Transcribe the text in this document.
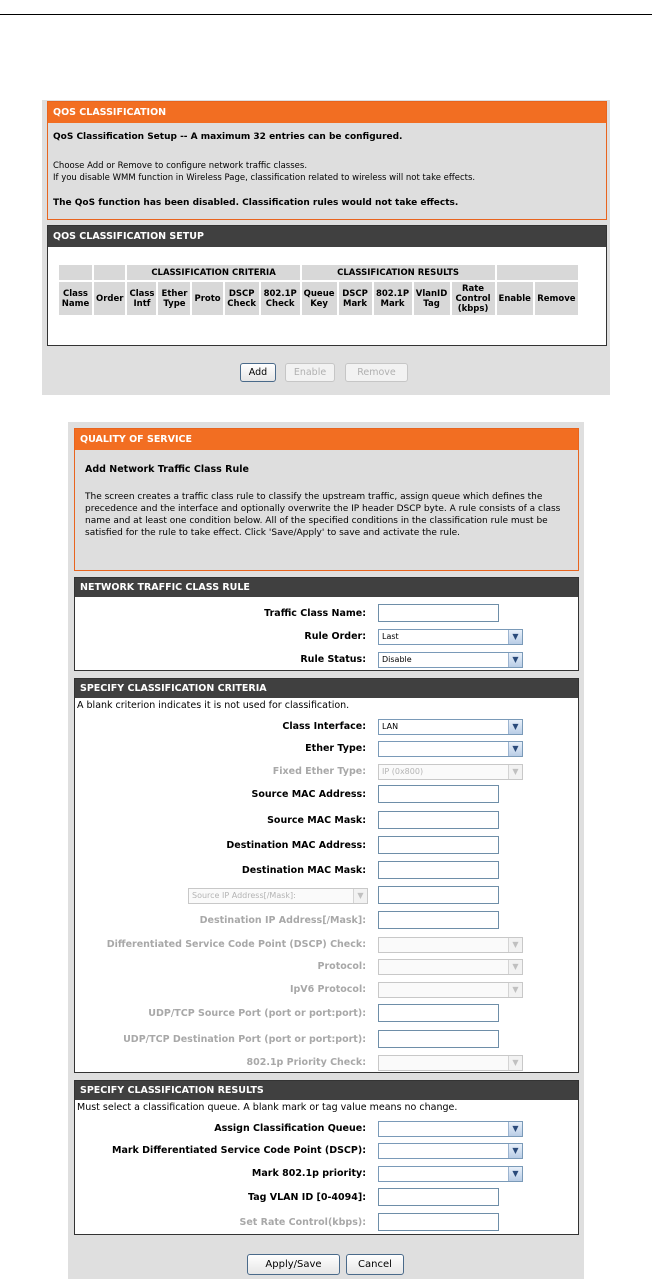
QOS CLASSIFICATION
QoS Classification Setup -- A maximum 32 entries can be configured.
Choose Add or Remove to configure network traffic classes.
If you disable WMM function in Wireless Page, classification related to wireless will not take effects.
The QoS function has been disabled. Classification rules would not take effects.
QOS CLASSIFICATION SETUP
		CLASSIFICATION CRITERIA					CLASSIFICATION RESULTS						
Class Name	Order	Class Intf	Ether Type	Proto	DSCP Check	802.1P Check	Queue Key	DSCP Mark	802.1P Mark	VlanID Tag	Rate Control (kbps)	Enable	Remove
Add	Enable	Remove
QUALITY OF SERVICE
Add Network Traffic Class Rule
The screen creates a traffic class rule to classify the upstream traffic, assign queue which defines the precedence and the interface and optionally overwrite the IP header DSCP byte. A rule consists of a class name and at least one condition below. All of the specified conditions in the classification rule must be satisfied for the rule to take effect. Click 'Save/Apply' to save and activate the rule.
NETWORK TRAFFIC CLASS RULE
Traffic Class Name:
Rule Order:	Last	▼
Rule Status:	Disable	▼
SPECIFY CLASSIFICATION CRITERIA
A blank criterion indicates it is not used for classification.
Class Interface:	LAN	▼
Ether Type:	▼
Fixed Ether Type:	IP (0x800)	▼
Source MAC Address:
Source MAC Mask:
Destination MAC Address:
Destination MAC Mask:
Source IP Address[/Mask]:	▼
Destination IP Address[/Mask]:
Differentiated Service Code Point (DSCP) Check:	▼
Protocol:	▼
IpV6 Protocol:	▼
UDP/TCP Source Port (port or port:port):
UDP/TCP Destination Port (port or port:port):
802.1p Priority Check:	▼
SPECIFY CLASSIFICATION RESULTS
Must select a classification queue. A blank mark or tag value means no change.
Assign Classification Queue:	▼
Mark Differentiated Service Code Point (DSCP):	▼
Mark 802.1p priority:	▼
Tag VLAN ID [0-4094]:
Set Rate Control(kbps):
Apply/Save	Cancel
